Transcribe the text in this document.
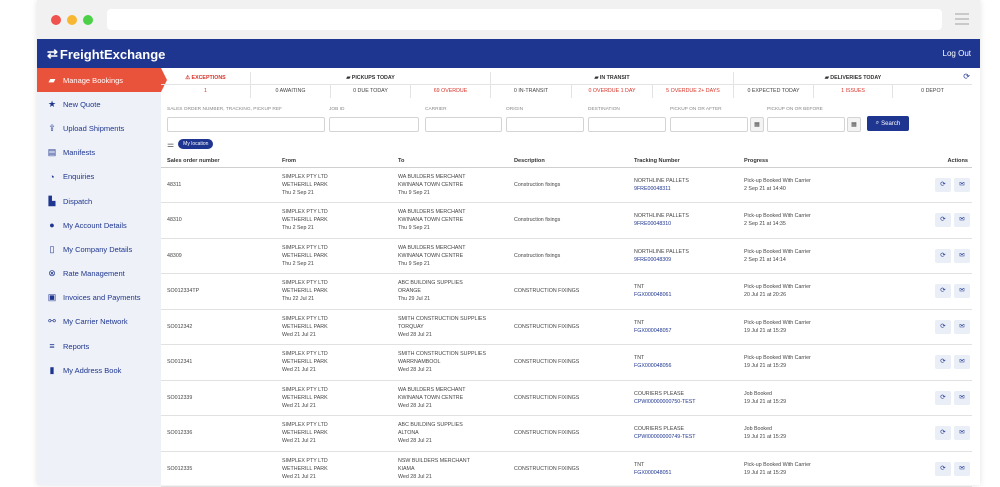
⇄ FreightExchange	Log Out
▰ Manage Bookings
★ New Quote
⇪ Upload Shipments
▤ Manifests
◔	Enquiries
▙ Dispatch
●	My Account Details
▯	My Company Details
⊗ Rate Management
▣ Invoices and Payments
⚯ My Carrier Network
≡	Reports
▮	My Address Book
⟳
⚠ EXCEPTIONS	▰ PICKUPS TODAY	▰ IN TRANSIT	▰ DELIVERIES TODAY
1	0 AWAITING	0 DUE TODAY	69 OVERDUE	0 IN-TRANSIT	0 OVERDUE 1 DAY	5 OVERDUE 2+ DAYS	0 EXPECTED TODAY	1 ISSUES	0 DEPOT
SALES ORDER NUMBER, TRACKING, PICKUP REF	JOB ID	CARRIER	ORIGIN	DESTINATION	PICKUP ON OR AFTER
▦
PICKUP ON OR BEFORE
▦	⌕ Search
⚌	My location
Sales order number	From	To	Description	Tracking Number	Progress	Actions
48311	SIMPLEX PTY LTD
WETHERILL PARK
Thu 2 Sep 21	WA BUILDERS MERCHANT
KWINANA TOWN CENTRE
Thu 9 Sep 21	Construction fixings	NORTHLINE PALLETS
9FRE00048311	Pick-up Booked With Carrier
2 Sep 21 at 14:40	⟳ ✉
48310	SIMPLEX PTY LTD
WETHERILL PARK
Thu 2 Sep 21	WA BUILDERS MERCHANT
KWINANA TOWN CENTRE
Thu 9 Sep 21	Construction fixings	NORTHLINE PALLETS
9FRE00048310	Pick-up Booked With Carrier
2 Sep 21 at 14:35	⟳ ✉
48309	SIMPLEX PTY LTD
WETHERILL PARK
Thu 2 Sep 21	WA BUILDERS MERCHANT
KWINANA TOWN CENTRE
Thu 9 Sep 21	Construction fixings	NORTHLINE PALLETS
9FRE00048309	Pick-up Booked With Carrier
2 Sep 21 at 14:14	⟳ ✉
SO012334TP	SIMPLEX PTY LTD
WETHERILL PARK
Thu 22 Jul 21	ABC BUILDING SUPPLIES
ORANGE
Thu 29 Jul 21	CONSTRUCTION FIXINGS	TNT
FGX000048061	Pick-up Booked With Carrier
20 Jul 21 at 20:26	⟳ ✉
SO012342	SIMPLEX PTY LTD
WETHERILL PARK
Wed 21 Jul 21	SMITH CONSTRUCTION SUPPLIES
TORQUAY
Wed 28 Jul 21	CONSTRUCTION FIXINGS	TNT
FGX000048057	Pick-up Booked With Carrier
19 Jul 21 at 15:29	⟳ ✉
SO012341	SIMPLEX PTY LTD
WETHERILL PARK
Wed 21 Jul 21	SMITH CONSTRUCTION SUPPLIES
WARRNAMBOOL
Wed 28 Jul 21	CONSTRUCTION FIXINGS	TNT
FGX000048056	Pick-up Booked With Carrier
19 Jul 21 at 15:29	⟳ ✉
SO012339	SIMPLEX PTY LTD
WETHERILL PARK
Wed 21 Jul 21	WA BUILDERS MERCHANT
KWINANA TOWN CENTRE
Wed 28 Jul 21	CONSTRUCTION FIXINGS	COURIERS PLEASE
CPWI00000000750-TEST	Job Booked
19 Jul 21 at 15:29	⟳ ✉
SO012336	SIMPLEX PTY LTD
WETHERILL PARK
Wed 21 Jul 21	ABC BUILDING SUPPLIES
ALTONA
Wed 28 Jul 21	CONSTRUCTION FIXINGS	COURIERS PLEASE
CPWI00000000749-TEST	Job Booked
19 Jul 21 at 15:29	⟳ ✉
SO012335	SIMPLEX PTY LTD
WETHERILL PARK
Wed 21 Jul 21	NSW BUILDERS MERCHANT
KIAMA
Wed 28 Jul 21	CONSTRUCTION FIXINGS	TNT
FGX000048051	Pick-up Booked With Carrier
19 Jul 21 at 15:29	⟳ ✉
